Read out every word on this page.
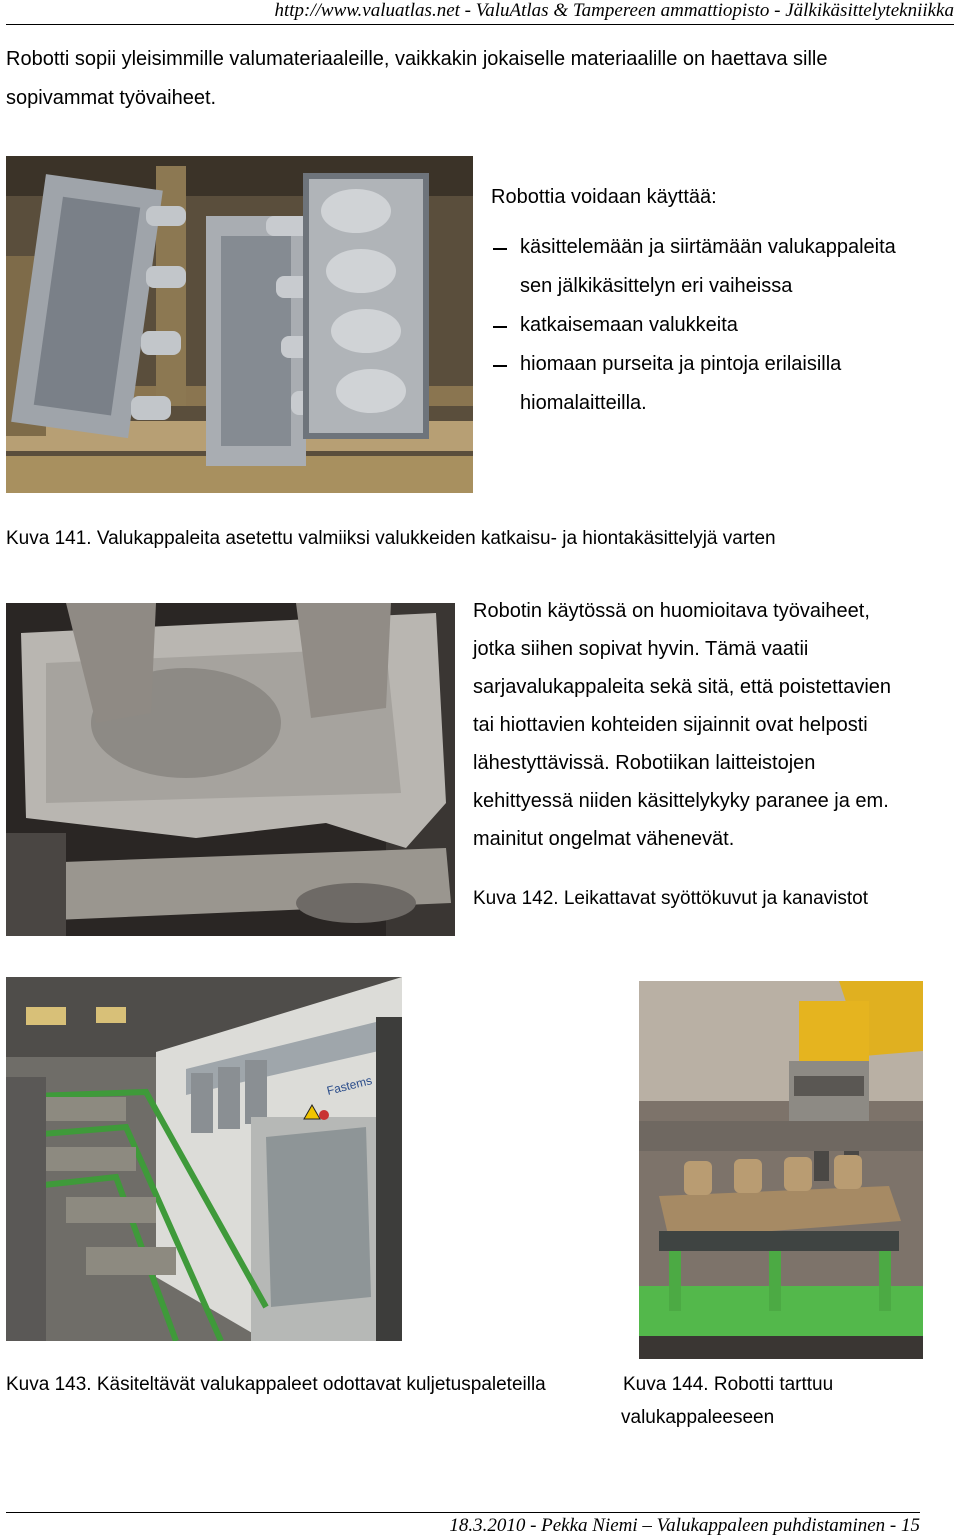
http://www.valuatlas.net - ValuAtlas & Tampereen ammattiopisto - Jälkikäsittelytekniikka
Robotti sopii yleisimmille valumateriaaleille, vaikkakin jokaiselle materiaalille on haettava sille
sopivammat työvaiheet.
Robottia voidaan käyttää:
käsittelemään ja siirtämään valukappaleita
sen jälkikäsittelyn eri vaiheissa
katkaisemaan valukkeita
hiomaan purseita ja pintoja erilaisilla
hiomalaitteilla.
Kuva 141. Valukappaleita asetettu valmiiksi valukkeiden katkaisu- ja hiontakäsittelyjä varten
Robotin käytössä on huomioitava työvaiheet,
jotka siihen sopivat hyvin. Tämä vaatii
sarjavalukappaleita sekä sitä, että poistettavien
tai hiottavien kohteiden sijainnit ovat helposti
lähestyttävissä. Robotiikan laitteistojen
kehittyessä niiden käsittelykyky paranee ja em.
mainitut ongelmat vähenevät.
Kuva 142. Leikattavat syöttökuvut ja kanavistot
Fastems
Kuva 143. Käsiteltävät valukappaleet odottavat kuljetuspaleteilla	Kuva 144. Robotti tarttuu
valukappaleeseen
18.3.2010 - Pekka Niemi – Valukappaleen puhdistaminen - 15
